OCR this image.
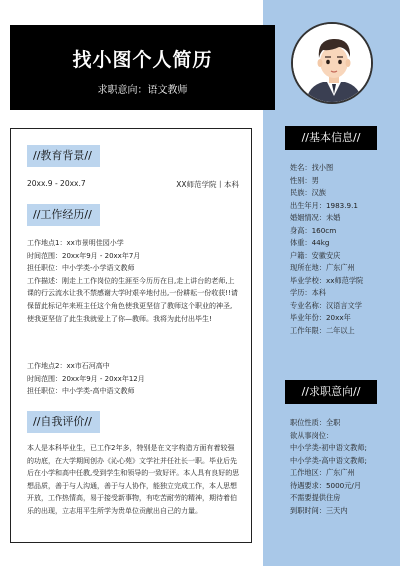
找小图个人简历
求职意向：语文教师
//教育背景//
20xx.9 - 20xx.7	XX师范学院丨本科
//工作经历//

工作地点1：xx市景明佳园小学

时间范围：20xx年9月 - 20xx年7月

担任职位：中小学类-小学语文教师

工作描述：刚走上工作岗位的生涯至今历历在目,走上讲台的老师,上课的行云流水让我不禁感谢大学时艰辛地付出,一份耕耘一份收获!!请保留此标记年来班主任这个角色使我更坚信了教师这个职业的神圣,使我更坚信了此生我就爱上了你—教师。我将为此付出毕生!

工作地点2：xx市石河高中

时间范围：20xx年9月 - 20xx年12月

担任职位：中小学类-高中语文教师

//自我评价//
本人是本科毕业生，已工作2年多，特别是在文字构造方面有着较强的功底，在大学期间创办《沁心苑》文学社并任社长一职。毕业后先后在小学和高中任教,受到学生和领导的一致好评。本人具有良好的思想品质，善于与人沟通，善于与人协作，能独立完成工作，本人思想开放，工作热情高，易于接受新事物，有吃苦耐劳的精神，期待着伯乐的出现，立志用平生所学为贵单位贡献出自己的力量。
//基本信息//
姓名：找小图
性别：男
民族：汉族
出生年月：1983.9.1
婚姻情况：未婚
身高：160cm
体重：44kg
户籍：安徽安庆
现所在地：广东广州
毕业学校：xx师范学院
学历：本科
专业名称：汉语言文学
毕业年份：20xx年
工作年限：二年以上
//求职意向//
职位性质：全职
欲从事岗位：
中小学类-初中语文教师;
中小学类-高中语文教师;
工作地区：广东广州
待遇要求：5000元/月
不需要提供住房
到职时间：三天内
